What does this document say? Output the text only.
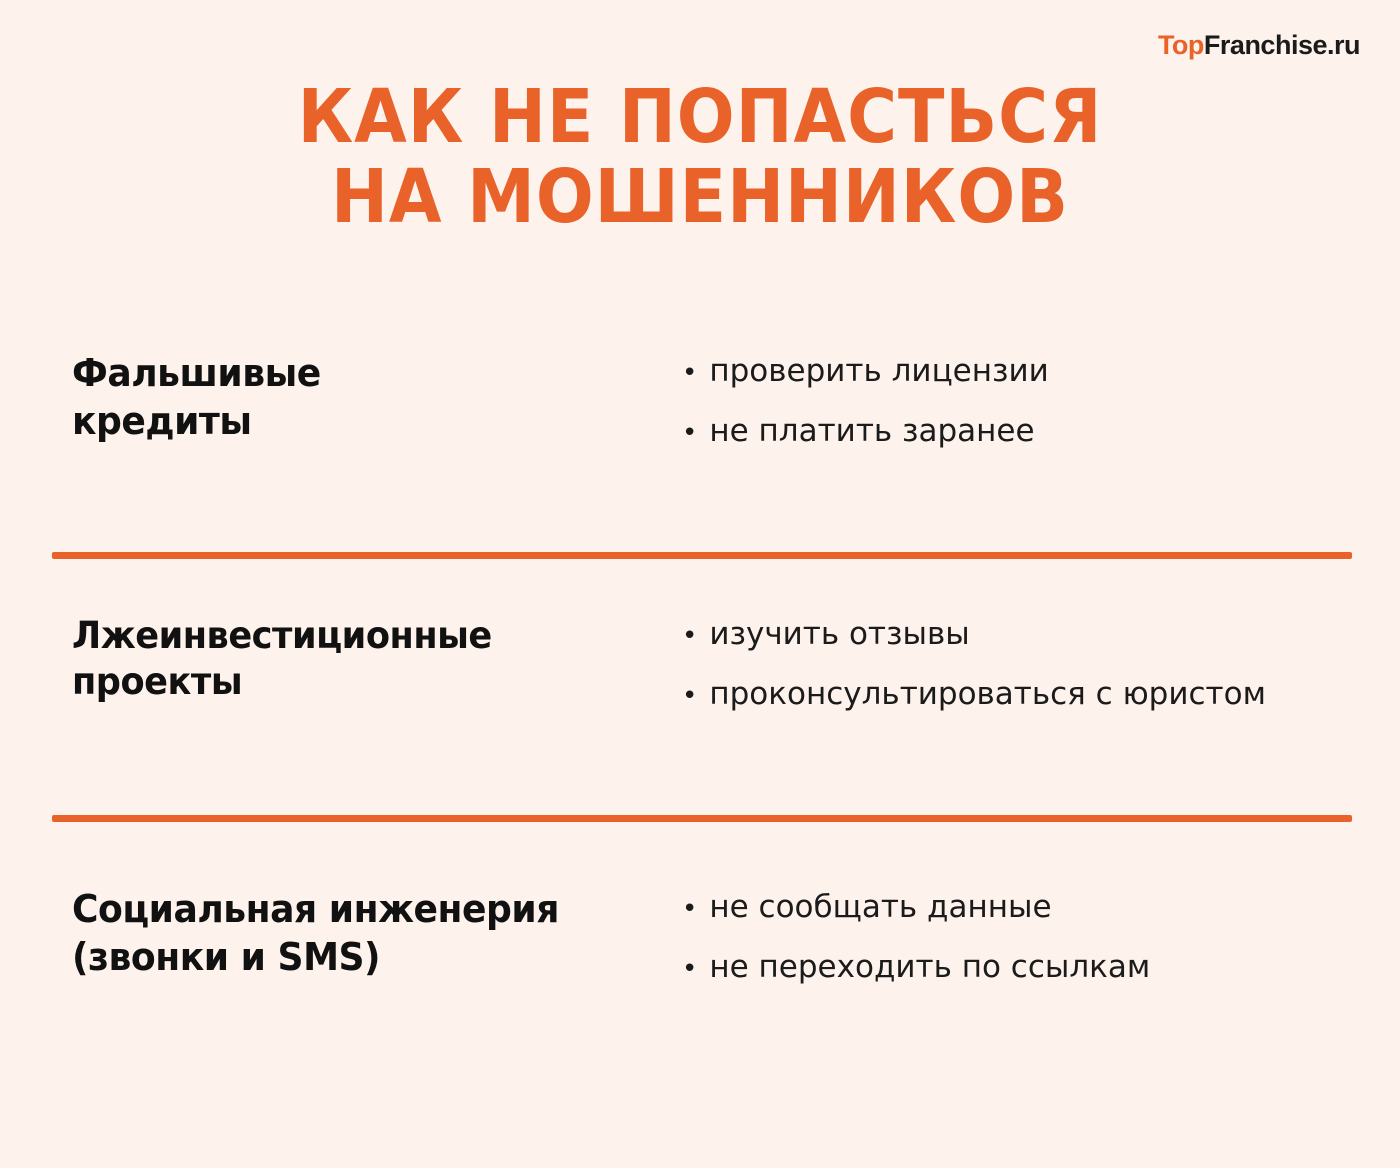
TopFranchise.ru
КАК НЕ ПОПАСТЬСЯ
НА МОШЕННИКОВ
Фальшивые
кредиты
• проверить лицензии
• не платить заранее
Лжеинвестиционные
проекты
• изучить отзывы
• проконсультироваться с юристом
Социальная инженерия
(звонки и SMS)
• не сообщать данные
• не переходить по ссылкам
